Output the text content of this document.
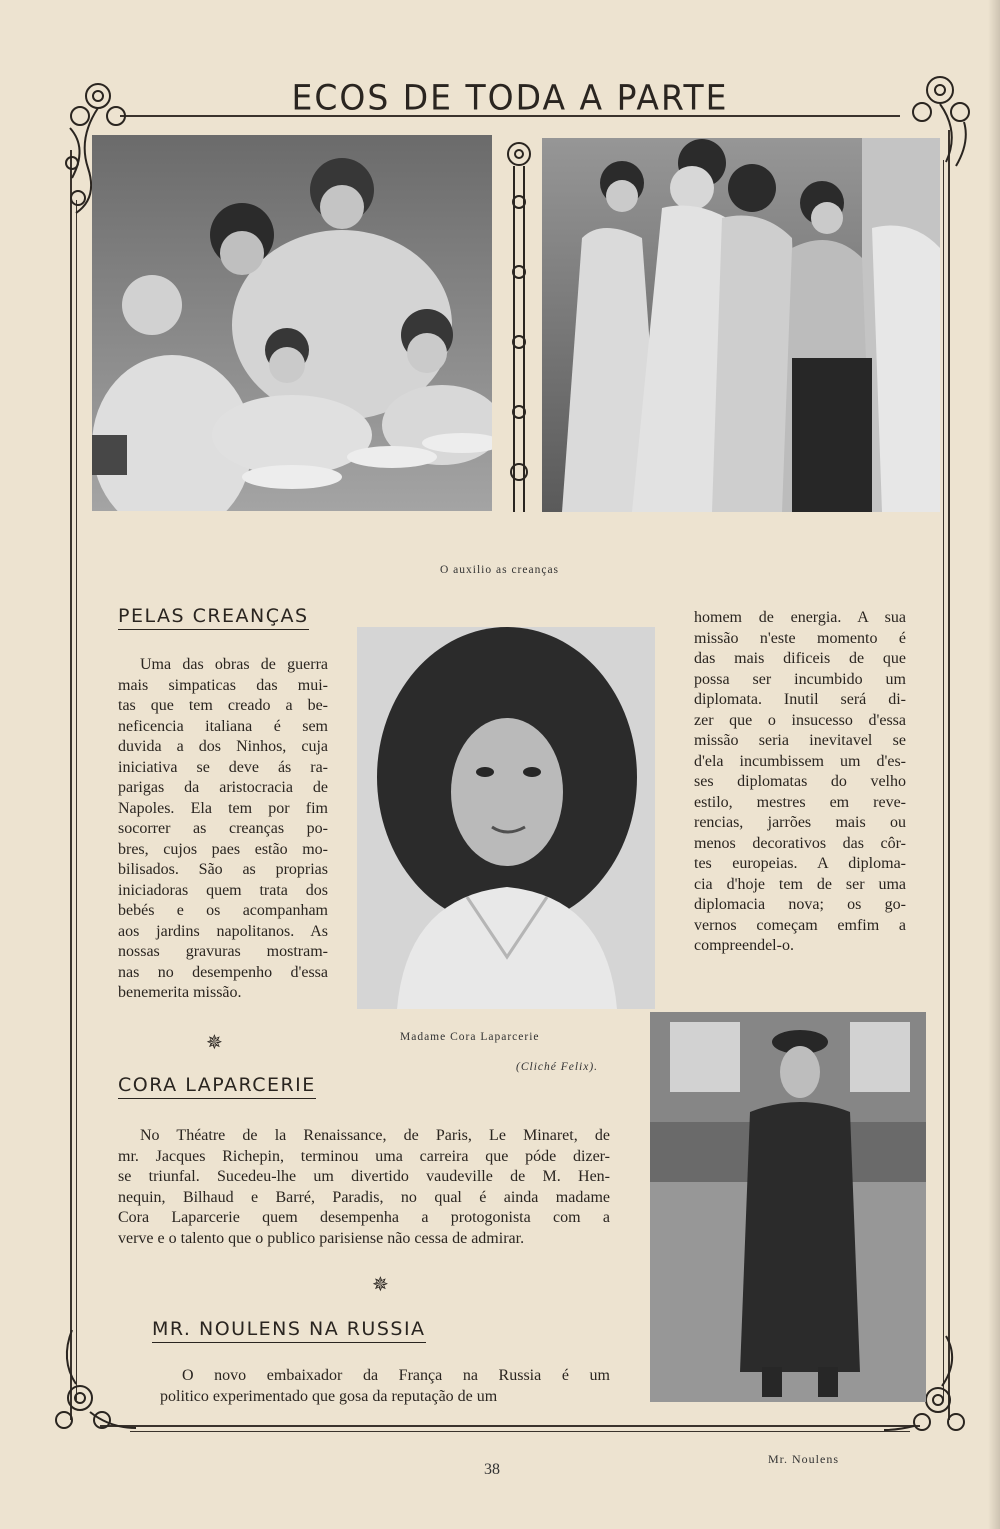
ECOS DE TODA A PARTE
O auxilio as creanças
PELAS CREANÇAS
Uma das obras de guerra
mais simpaticas das mui-
tas que tem creado a be-
neficencia italiana é sem
duvida a dos Ninhos, cuja
iniciativa se deve ás ra-
parigas da aristocracia de
Napoles. Ela tem por fim
socorrer as creanças po-
bres, cujos paes estão mo-
bilisados. São as proprias
iniciadoras quem trata dos
bebés e os acompanham
aos jardins napolitanos. As
nossas gravuras mostram-
nas no desempenho d'essa
benemerita missão.
Madame Cora Laparcerie
(Cliché Felix).
homem de energia. A sua
missão n'este momento é
das mais dificeis de que
possa ser incumbido um
diplomata. Inutil será di-
zer que o insucesso d'essa
missão seria inevitavel se
d'ela incumbissem um d'es-
ses diplomatas do velho
estilo, mestres em reve-
rencias, jarrões mais ou
menos decorativos das côr-
tes europeias. A diploma-
cia d'hoje tem de ser uma
diplomacia nova; os go-
vernos começam emfim a
compreendel-o.
✵
CORA LAPARCERIE
No Théatre de la Renaissance, de Paris, Le Minaret, de
mr. Jacques Richepin, terminou uma carreira que póde dizer-
se triunfal. Sucedeu-lhe um divertido vaudeville de M. Hen-
nequin, Bilhaud e Barré, Paradis, no qual é ainda madame
Cora Laparcerie quem desempenha a protogonista com a
verve e o talento que o publico parisiense não cessa de admirar.
✵
MR. NOULENS NA RUSSIA
O novo embaixador da França na Russia é um
politico experimentado que gosa da reputação de um
Mr. Noulens
38
